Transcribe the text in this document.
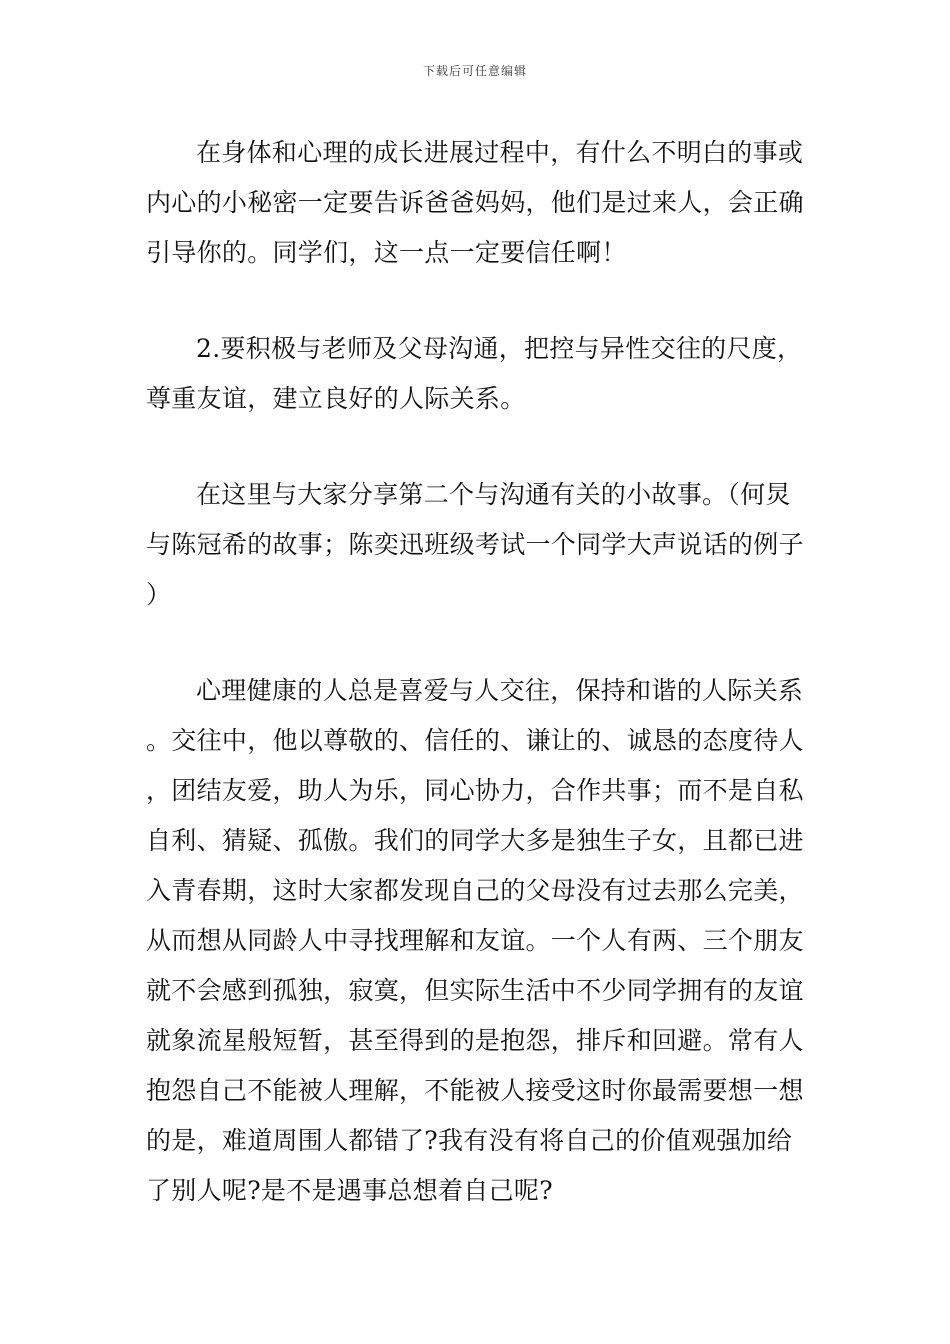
下载后可任意编辑

在身体和心理的成长进展过程中，有什么不明白的事或内心的小秘密一定要告诉爸爸妈妈，他们是过来人，会正确引导你的。同学们，这一点一定要信任啊！

2.要积极与老师及父母沟通，把控与异性交往的尺度，尊重友谊，建立良好的人际关系。

在这里与大家分享第二个与沟通有关的小故事。（何炅与陈冠希的故事；陈奕迅班级考试一个同学大声说话的例子）

心理健康的人总是喜爱与人交往，保持和谐的人际关系。交往中，他以尊敬的、信任的、谦让的、诚恳的态度待人，团结友爱，助人为乐，同心协力，合作共事；而不是自私自利、猜疑、孤傲。我们的同学大多是独生子女，且都已进入青春期，这时大家都发现自己的父母没有过去那么完美，从而想从同龄人中寻找理解和友谊。一个人有两、三个朋友就不会感到孤独，寂寞，但实际生活中不少同学拥有的友谊就象流星般短暂，甚至得到的是抱怨，排斥和回避。常有人抱怨自己不能被人理解，不能被人接受这时你最需要想一想的是，难道周围人都错了?我有没有将自己的价值观强加给了别人呢?是不是遇事总想着自己呢?
